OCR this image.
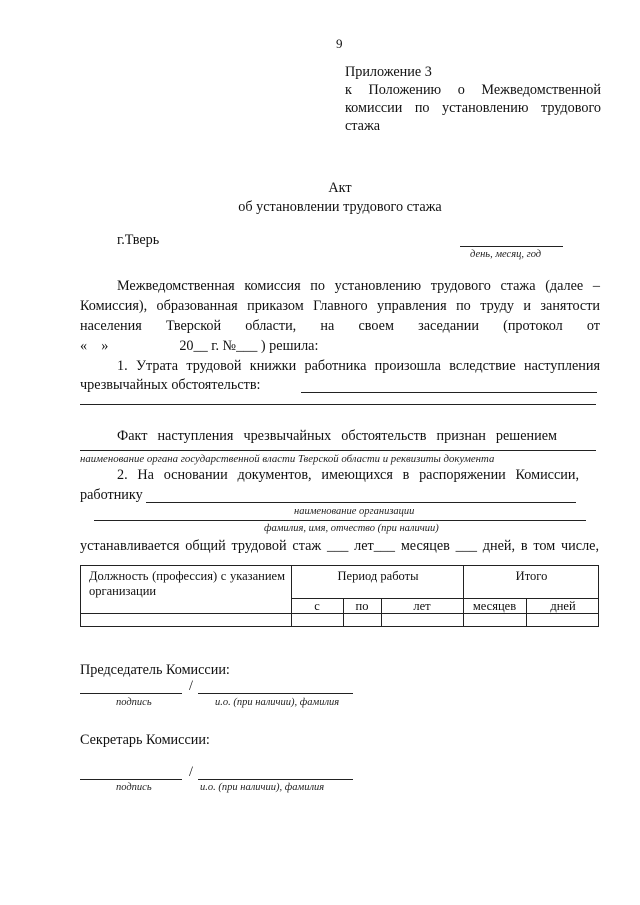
9
Приложение 3
к Положению о Межведомственной
комиссии по установлению трудового
стажа
Акт
об установлении трудового стажа
г.Тверь
день, месяц, год
Межведомственная комиссия по установлению трудового стажа (далее –
Комиссия), образованная приказом Главного управления по труду и занятости
населения Тверской области, на своем заседании (протокол от
«    »                    20__ г. №___ ) решила:
1. Утрата трудовой книжки работника произошла вследствие наступления
чрезвычайных обстоятельств:
Факт наступления чрезвычайных обстоятельств признан решением
наименование органа государственной власти Тверской области и реквизиты документа
2. На основании документов, имеющихся в распоряжении Комиссии,
работнику
наименование организации
фамилия, имя, отчество (при наличии)
устанавливается общий трудовой стаж ___ лет___ месяцев ___ дней, в том числе,
Должность (профессия) с указанием организации
Период работы	Итого
с	по	лет	месяцев	дней
Председатель Комиссии:
/
подпись	и.о. (при наличии), фамилия
Секретарь Комиссии:
/
подпись	и.о. (при наличии), фамилия
